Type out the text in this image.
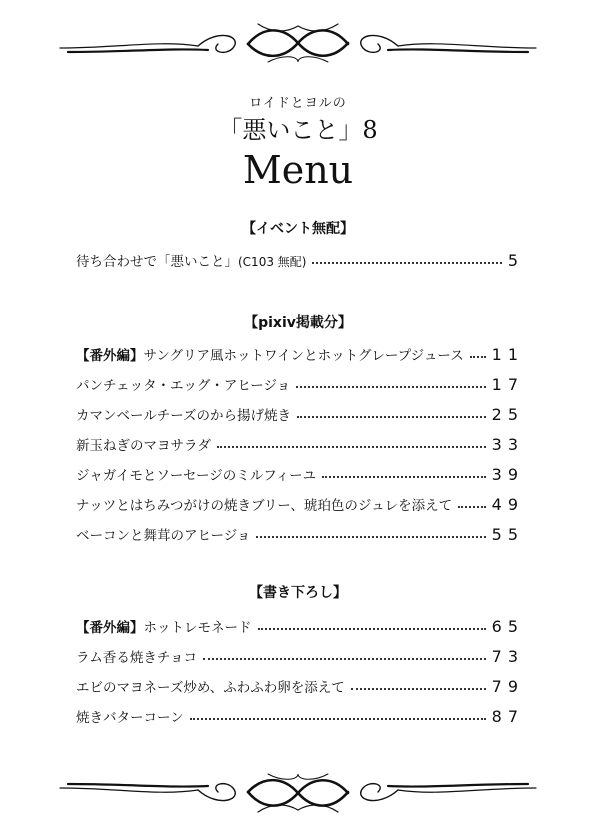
ロイドとヨルの
「悪いこと」8
Menu
【イベント無配】
待ち合わせで「悪いこと」(C103 無配)	5
【pixiv掲載分】
【番外編】サングリア風ホットワインとホットグレープジュース 11
パンチェッタ・エッグ・アヒージョ	17
カマンベールチーズのから揚げ焼き	25
新玉ねぎのマヨサラダ	33
ジャガイモとソーセージのミルフィーユ	39
ナッツとはちみつがけの焼きブリー、琥珀色のジュレを添えて 49
ベーコンと舞茸のアヒージョ	55
【書き下ろし】
【番外編】ホットレモネード	65
ラム香る焼きチョコ	73
エビのマヨネーズ炒め、ふわふわ卵を添えて	79
焼きバターコーン	87
